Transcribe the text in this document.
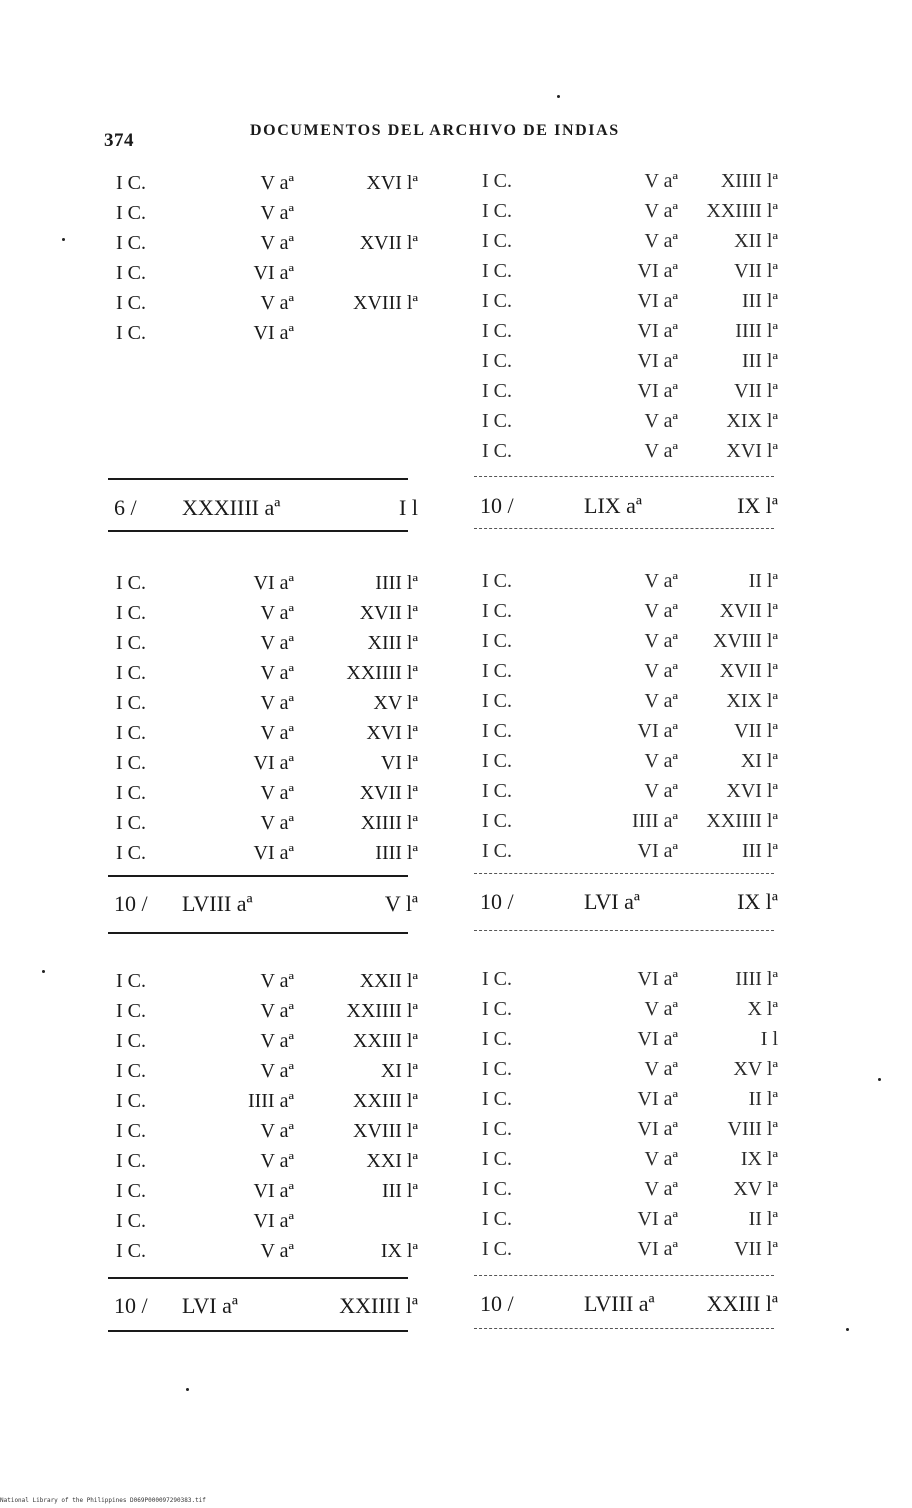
374	DOCUMENTOS DEL ARCHIVO DE INDIAS
I C.	V aª	XVI lª
I C.	V aª
I C.	V aª	XVII lª
I C.	VI aª
I C.	V aª	XVIII lª
I C.	VI aª
6 / XXXIIII aª	I l
I C.	VI aª	IIII lª
I C.	V aª	XVII lª
I C.	V aª	XIII lª
I C.	V aª	XXIIII lª
I C.	V aª	XV lª
I C.	V aª	XVI lª
I C.	VI aª	VI lª
I C.	V aª	XVII lª
I C.	V aª	XIIII lª
I C.	VI aª	IIII lª
10 / LVIII aª	V lª
I C.	V aª	XXII lª
I C.	V aª	XXIIII lª
I C.	V aª	XXIII lª
I C.	V aª	XI lª
I C.	IIII aª	XXIII lª
I C.	V aª	XVIII lª
I C.	V aª	XXI lª
I C.	VI aª	III lª
I C.	VI aª
I C.	V aª	IX lª
10 / LVI aª	XXIIII lª
I C.	V aª XIIII lª
I C.	V aª XXIIII lª
I C.	V aª	XII lª
I C.	VI aª	VII lª
I C.	VI aª	III lª
I C.	VI aª	IIII lª
I C.	VI aª	III lª
I C.	VI aª	VII lª
I C.	V aª XIX lª
I C.	V aª XVI lª
10 /	LIX aª	IX lª
I C.	V aª	II lª
I C.	V aª XVII lª
I C.	V aª XVIII lª
I C.	V aª XVII lª
I C.	V aª XIX lª
I C.	VI aª	VII lª
I C.	V aª	XI lª
I C.	V aª XVI lª
I C.	IIII aª XXIIII lª
I C.	VI aª	III lª
10 /	LVI aª	IX lª
I C.	VI aª	IIII lª
I C.	V aª	X lª
I C.	VI aª	I l
I C.	V aª	XV lª
I C.	VI aª	II lª
I C.	VI aª VIII lª
I C.	V aª	IX lª
I C.	V aª	XV lª
I C.	VI aª	II lª
I C.	VI aª	VII lª
10 /	LVIII aª XXIII lª
National Library of the Philippines D069P000097290383.tif
